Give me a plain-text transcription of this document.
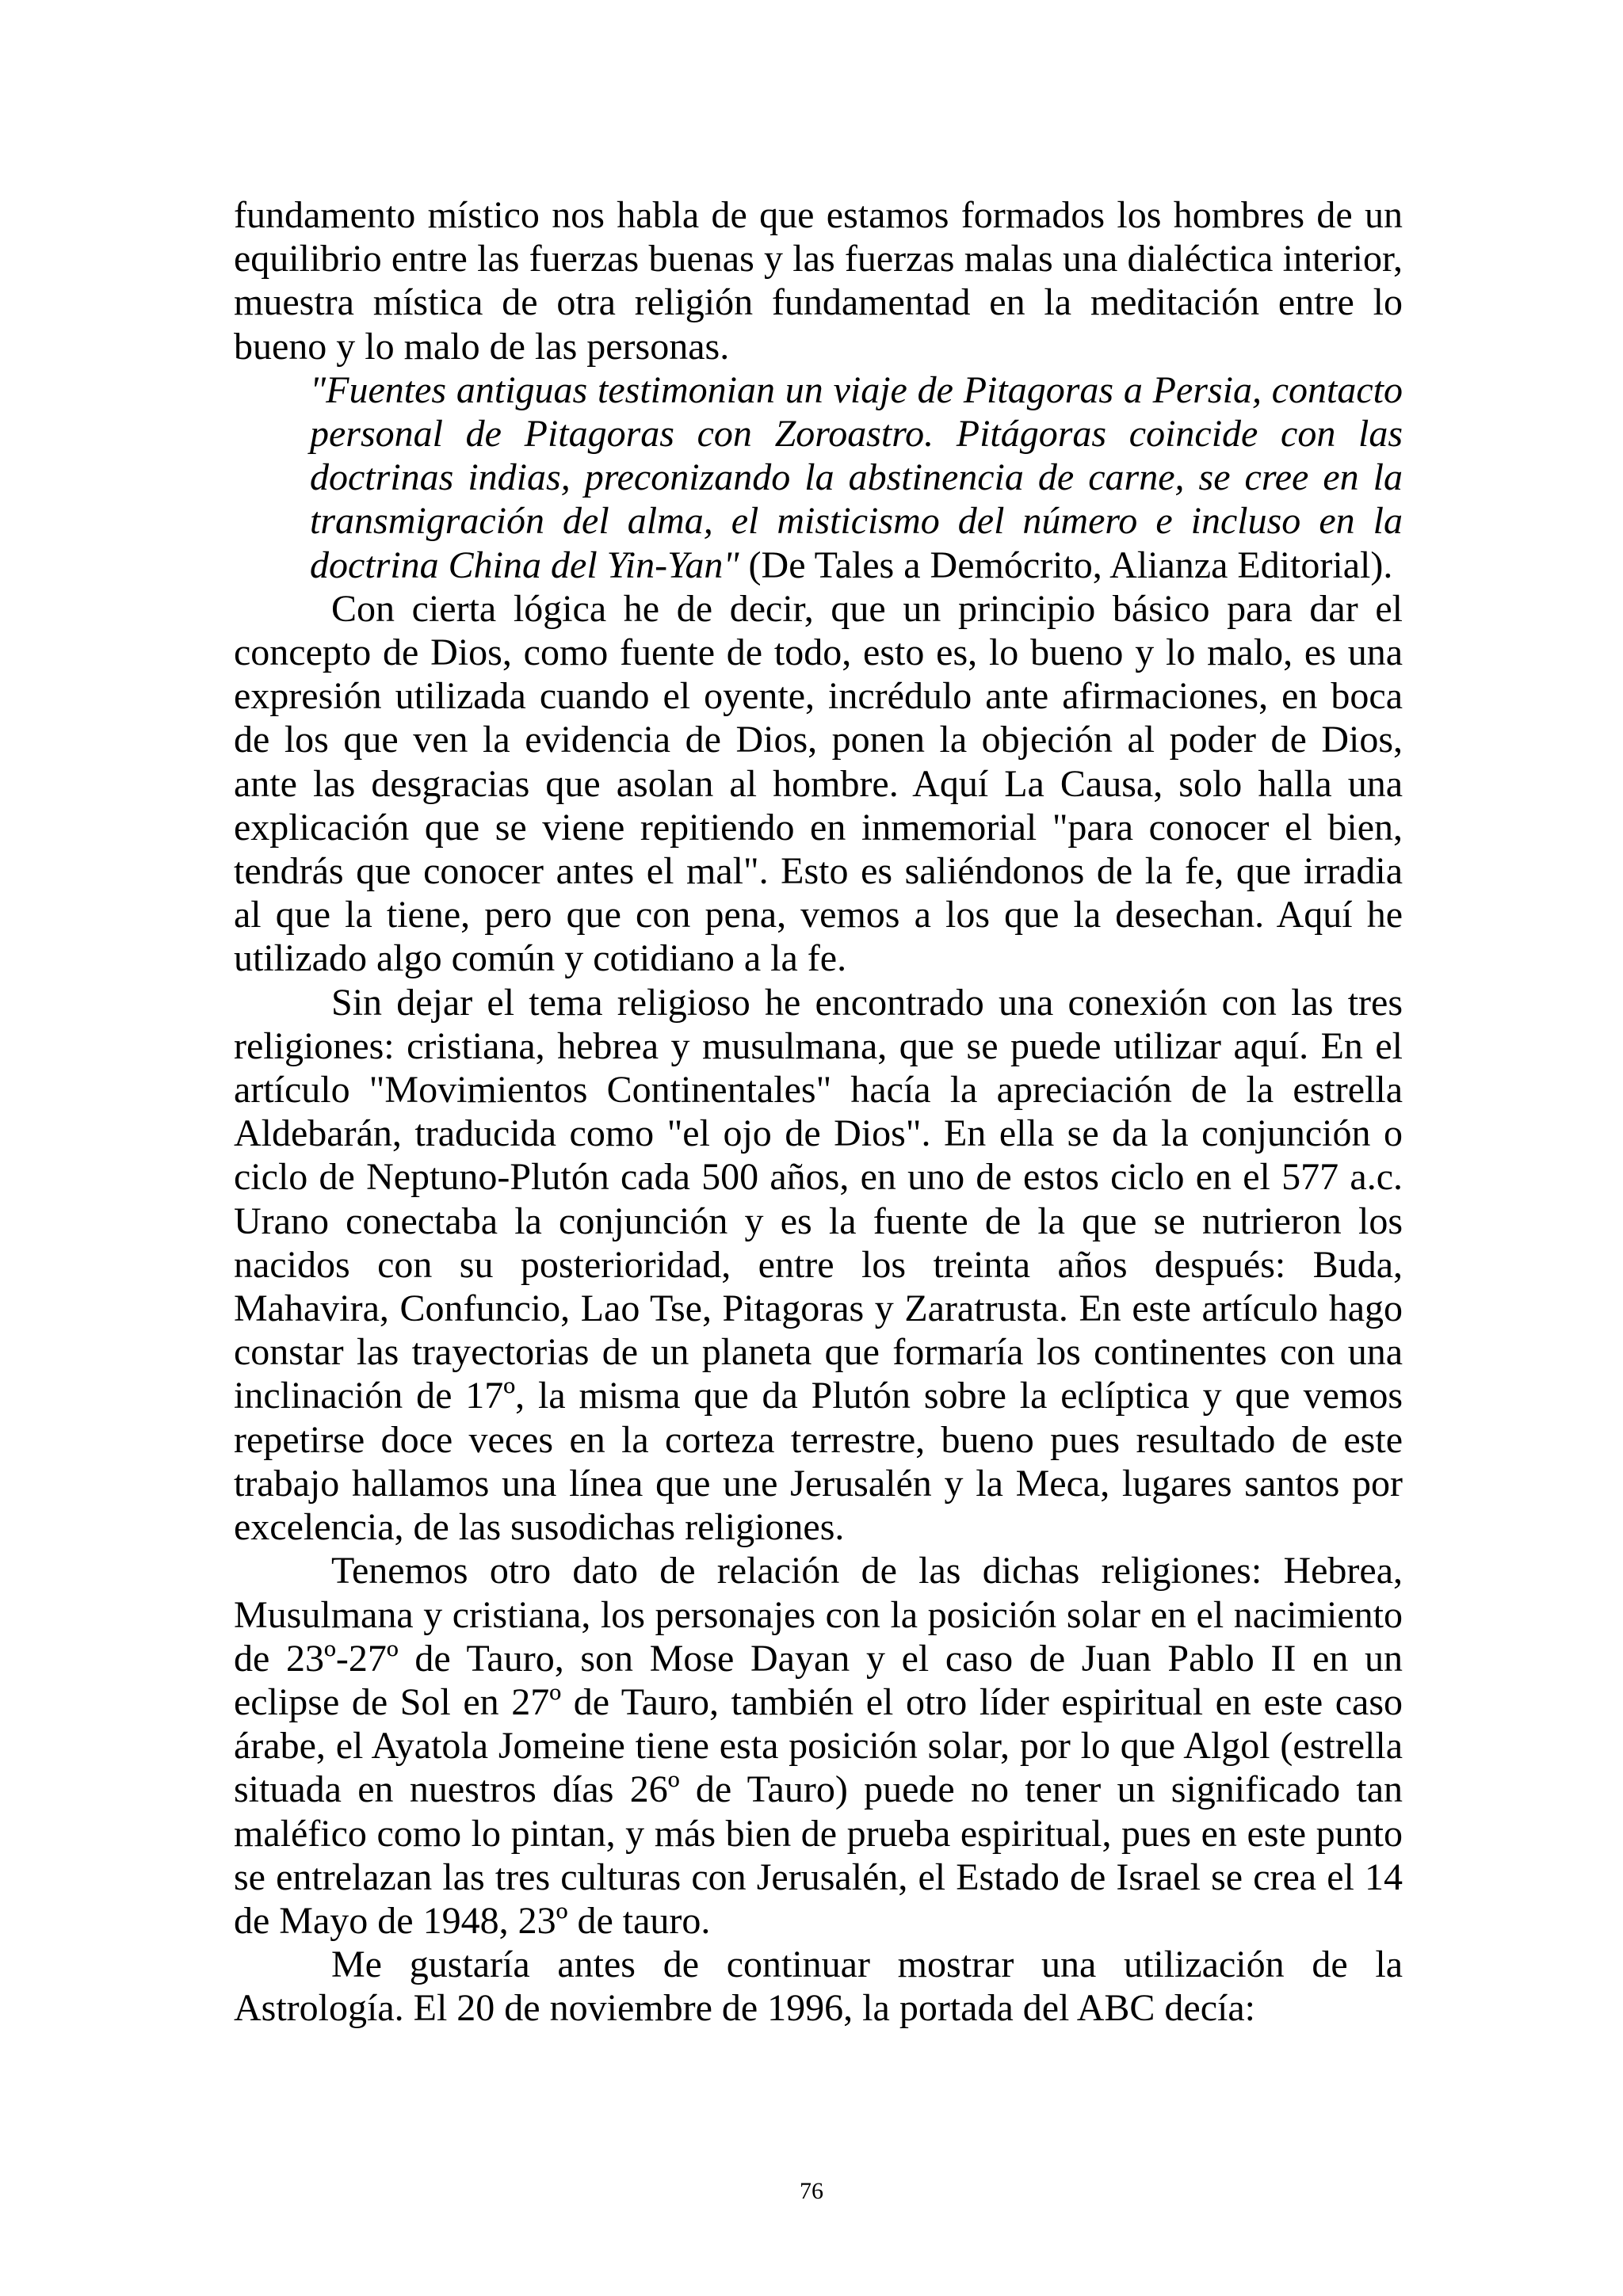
fundamento místico nos habla de que estamos formados los hombres de un equilibrio entre las fuerzas buenas y las fuerzas malas una dialéctica interior, muestra mística de otra religión fundamentad en la meditación entre lo bueno y lo malo de las personas.

"Fuentes antiguas testimonian un viaje de Pitagoras a Persia, contacto personal de Pitagoras con Zoroastro. Pitágoras coincide con las doctrinas indias, preconizando la abstinencia de carne, se cree en la transmigración del alma, el misticismo del número e incluso en la doctrina China del Yin-Yan" (De Tales a Demócrito, Alianza Editorial).

Con cierta lógica he de decir, que un principio básico para dar el concepto de Dios, como fuente de todo, esto es, lo bueno y lo malo, es una expresión utilizada cuando el oyente, incrédulo ante afirmaciones, en boca de los que ven la evidencia de Dios, ponen la objeción al poder de Dios, ante las desgracias que asolan al hombre. Aquí La Causa, solo halla una explicación que se viene repitiendo en inmemorial "para conocer el bien, tendrás que conocer antes el mal". Esto es saliéndonos de la fe, que irradia al que la tiene, pero que con pena, vemos a los que la desechan. Aquí he utilizado algo común y cotidiano a la fe.

Sin dejar el tema religioso he encontrado una conexión con las tres religiones: cristiana, hebrea y musulmana, que se puede utilizar aquí. En el artículo "Movimientos Continentales" hacía la apreciación de la estrella Aldebarán, traducida como "el ojo de Dios". En ella se da la conjunción o ciclo de Neptuno-Plutón cada 500 años, en uno de estos ciclo en el 577 a.c. Urano conectaba la conjunción y es la fuente de la que se nutrieron los nacidos con su posterioridad, entre los treinta años después: Buda, Mahavira, Confuncio, Lao Tse, Pitagoras y Zaratrusta. En este artículo hago constar las trayectorias de un planeta que formaría los continentes con una inclinación de 17º, la misma que da Plutón sobre la eclíptica y que vemos repetirse doce veces en la corteza terrestre, bueno pues resultado de este trabajo hallamos una línea que une Jerusalén y la Meca, lugares santos por excelencia, de las susodichas religiones.

Tenemos otro dato de relación de las dichas religiones: Hebrea, Musulmana y cristiana, los personajes con la posición solar en el nacimiento de 23º-27º de Tauro, son Mose Dayan y el caso de Juan Pablo II en un eclipse de Sol en 27º de Tauro, también el otro líder espiritual en este caso árabe, el Ayatola Jomeine tiene esta posición solar, por lo que Algol (estrella situada en nuestros días 26º de Tauro) puede no tener un significado tan maléfico como lo pintan, y más bien de prueba espiritual, pues en este punto se entrelazan las tres culturas con Jerusalén, el Estado de Israel se crea el 14 de Mayo de 1948, 23º de tauro.

Me gustaría antes de continuar mostrar una utilización de la Astrología. El 20 de noviembre de 1996, la portada del ABC decía:

76
